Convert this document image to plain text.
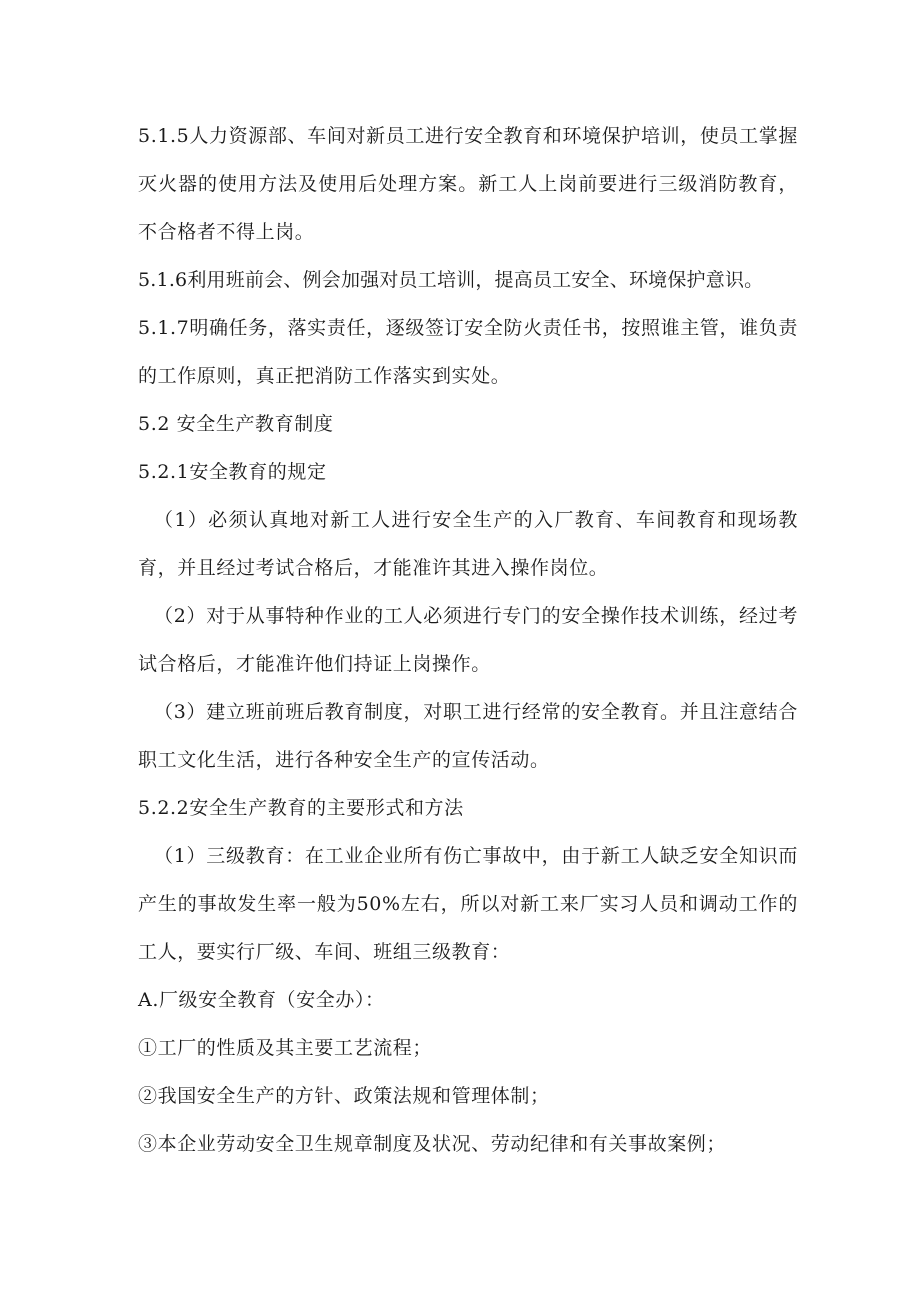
5.1.5人力资源部、车间对新员工进行安全教育和环境保护培训，使员工掌握灭火器的使用方法及使用后处理方案。新工人上岗前要进行三级消防教育，不合格者不得上岗。

5.1.6利用班前会、例会加强对员工培训，提高员工安全、环境保护意识。

5.1.7明确任务，落实责任，逐级签订安全防火责任书，按照谁主管，谁负责的工作原则，真正把消防工作落实到实处。

5.2 安全生产教育制度

5.2.1安全教育的规定

（1）必须认真地对新工人进行安全生产的入厂教育、车间教育和现场教育，并且经过考试合格后，才能准许其进入操作岗位。

（2）对于从事特种作业的工人必须进行专门的安全操作技术训练，经过考试合格后，才能准许他们持证上岗操作。

（3）建立班前班后教育制度，对职工进行经常的安全教育。并且注意结合职工文化生活，进行各种安全生产的宣传活动。

5.2.2安全生产教育的主要形式和方法

（1）三级教育：在工业企业所有伤亡事故中，由于新工人缺乏安全知识而产生的事故发生率一般为50%左右，所以对新工来厂实习人员和调动工作的工人，要实行厂级、车间、班组三级教育：

A.厂级安全教育（安全办）：

①工厂的性质及其主要工艺流程；

②我国安全生产的方针、政策法规和管理体制；

③本企业劳动安全卫生规章制度及状况、劳动纪律和有关事故案例；
